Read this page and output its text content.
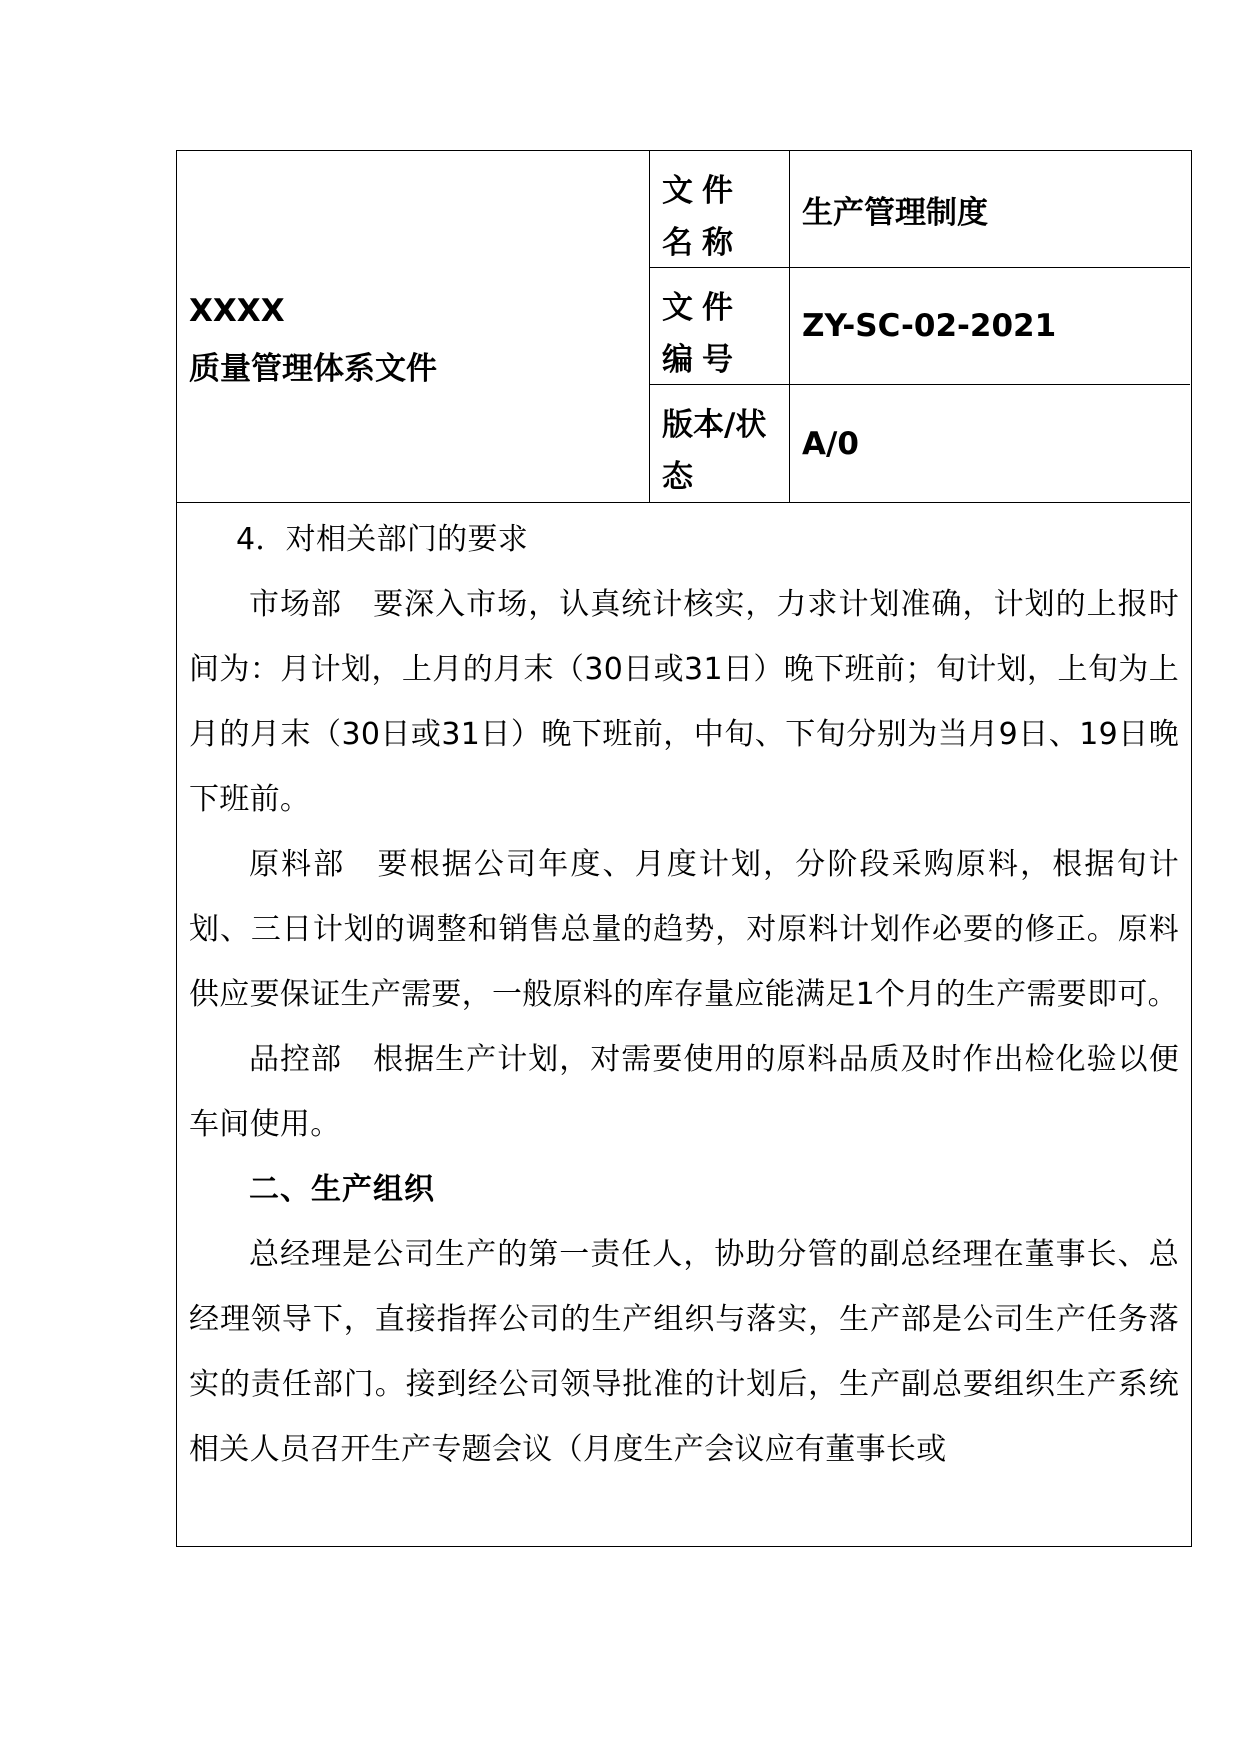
XXXX
质量管理体系文件
文件名称
生产管理制度
文件编号
ZY-SC-02-2021
版本/状态
A/0

4．对相关部门的要求

市场部　要深入市场，认真统计核实，力求计划准确，计划的上报时间为：月计划，上月的月末（30日或31日）晚下班前；旬计划，上旬为上月的月末（30日或31日）晚下班前，中旬、下旬分别为当月9日、19日晚下班前。

原料部　要根据公司年度、月度计划，分阶段采购原料，根据旬计划、三日计划的调整和销售总量的趋势，对原料计划作必要的修正。原料供应要保证生产需要，一般原料的库存量应能满足1个月的生产需要即可。

品控部　根据生产计划，对需要使用的原料品质及时作出检化验以便车间使用。

二、生产组织

总经理是公司生产的第一责任人，协助分管的副总经理在董事长、总经理领导下，直接指挥公司的生产组织与落实，生产部是公司生产任务落实的责任部门。接到经公司领导批准的计划后，生产副总要组织生产系统相关人员召开生产专题会议（月度生产会议应有董事长或
